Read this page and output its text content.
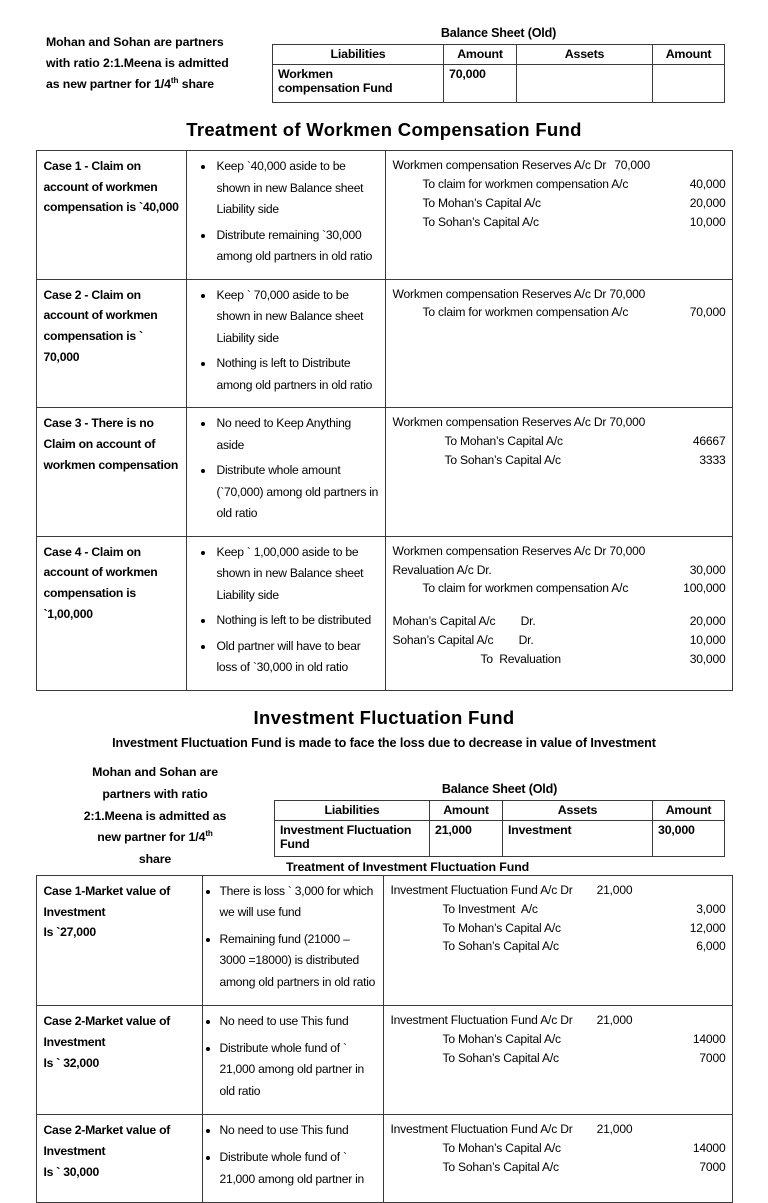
Mohan and Sohan are partners
with ratio 2:1.Meena is admitted
as new partner for 1/4th share
Balance Sheet (Old)
Liabilities	Amount	Assets	Amount

Workmen
compensation Fund	70,000		
Treatment of Workmen Compensation Fund
Case 1 - Claim on
account of workmen
compensation is `40,000

• Keep `40,000 aside to be shown in new Balance sheet Liability side
• Distribute remaining `30,000 among old partners in old ratio

Workmen compensation Reserves A/c Dr 70,000
To claim for workmen compensation A/c	40,000
To Mohan’s Capital A/c	20,000
To Sohan’s Capital A/c	10,000

Case 2 - Claim on
account of workmen
compensation is ` 70,000

• Keep ` 70,000 aside to be shown in new Balance sheet Liability side
• Nothing is left to Distribute among old partners in old ratio

Workmen compensation Reserves A/c Dr 70,000
To claim for workmen compensation A/c	70,000

Case 3 - There is no
Claim on account of
workmen compensation

• No need to Keep Anything aside
• Distribute whole amount (`70,000) among old partners in old ratio

Workmen compensation Reserves A/c Dr 70,000
To Mohan’s Capital A/c	46667
To Sohan’s Capital A/c	3333

Case 4 - Claim on
account of workmen
compensation is
`1,00,000

• Keep ` 1,00,000 aside to be shown in new Balance sheet Liability side
• Nothing is left to be distributed
• Old partner will have to bear loss of `30,000 in old ratio

Workmen compensation Reserves A/c Dr 70,000
Revaluation A/c Dr.	30,000
To claim for workmen compensation A/c	100,000
Mohan’s Capital A/c        Dr.	20,000
Sohan’s Capital A/c        Dr.	10,000
To  Revaluation	30,000
Investment Fluctuation Fund
Investment Fluctuation Fund is made to face the loss due to decrease in value of Investment
Mohan and Sohan are
partners with ratio
2:1.Meena is admitted as
new partner for 1/4th
share
Balance Sheet (Old)
Liabilities	Amount	Assets	Amount

Investment Fluctuation
Fund	21,000	Investment	30,000
Treatment of Investment Fluctuation Fund
Case 1-Market value of
Investment
Is `27,000

• There is loss ` 3,000 for which we will use fund
• Remaining fund (21000 – 3000 =18000) is distributed among old partners in old ratio

Investment Fluctuation Fund A/c Dr 21,000
To Investment  A/c	3,000
To Mohan’s Capital A/c	12,000
To Sohan’s Capital A/c	6,000

Case 2-Market value of
Investment
Is ` 32,000

• No need to use This fund
• Distribute whole fund of ` 21,000 among old partner in old ratio

Investment Fluctuation Fund A/c Dr 21,000
To Mohan’s Capital A/c	14000
To Sohan’s Capital A/c	7000

Case 2-Market value of
Investment
Is ` 30,000

• No need to use This fund
• Distribute whole fund of ` 21,000 among old partner in

Investment Fluctuation Fund A/c Dr 21,000
To Mohan’s Capital A/c	14000
To Sohan’s Capital A/c	7000
